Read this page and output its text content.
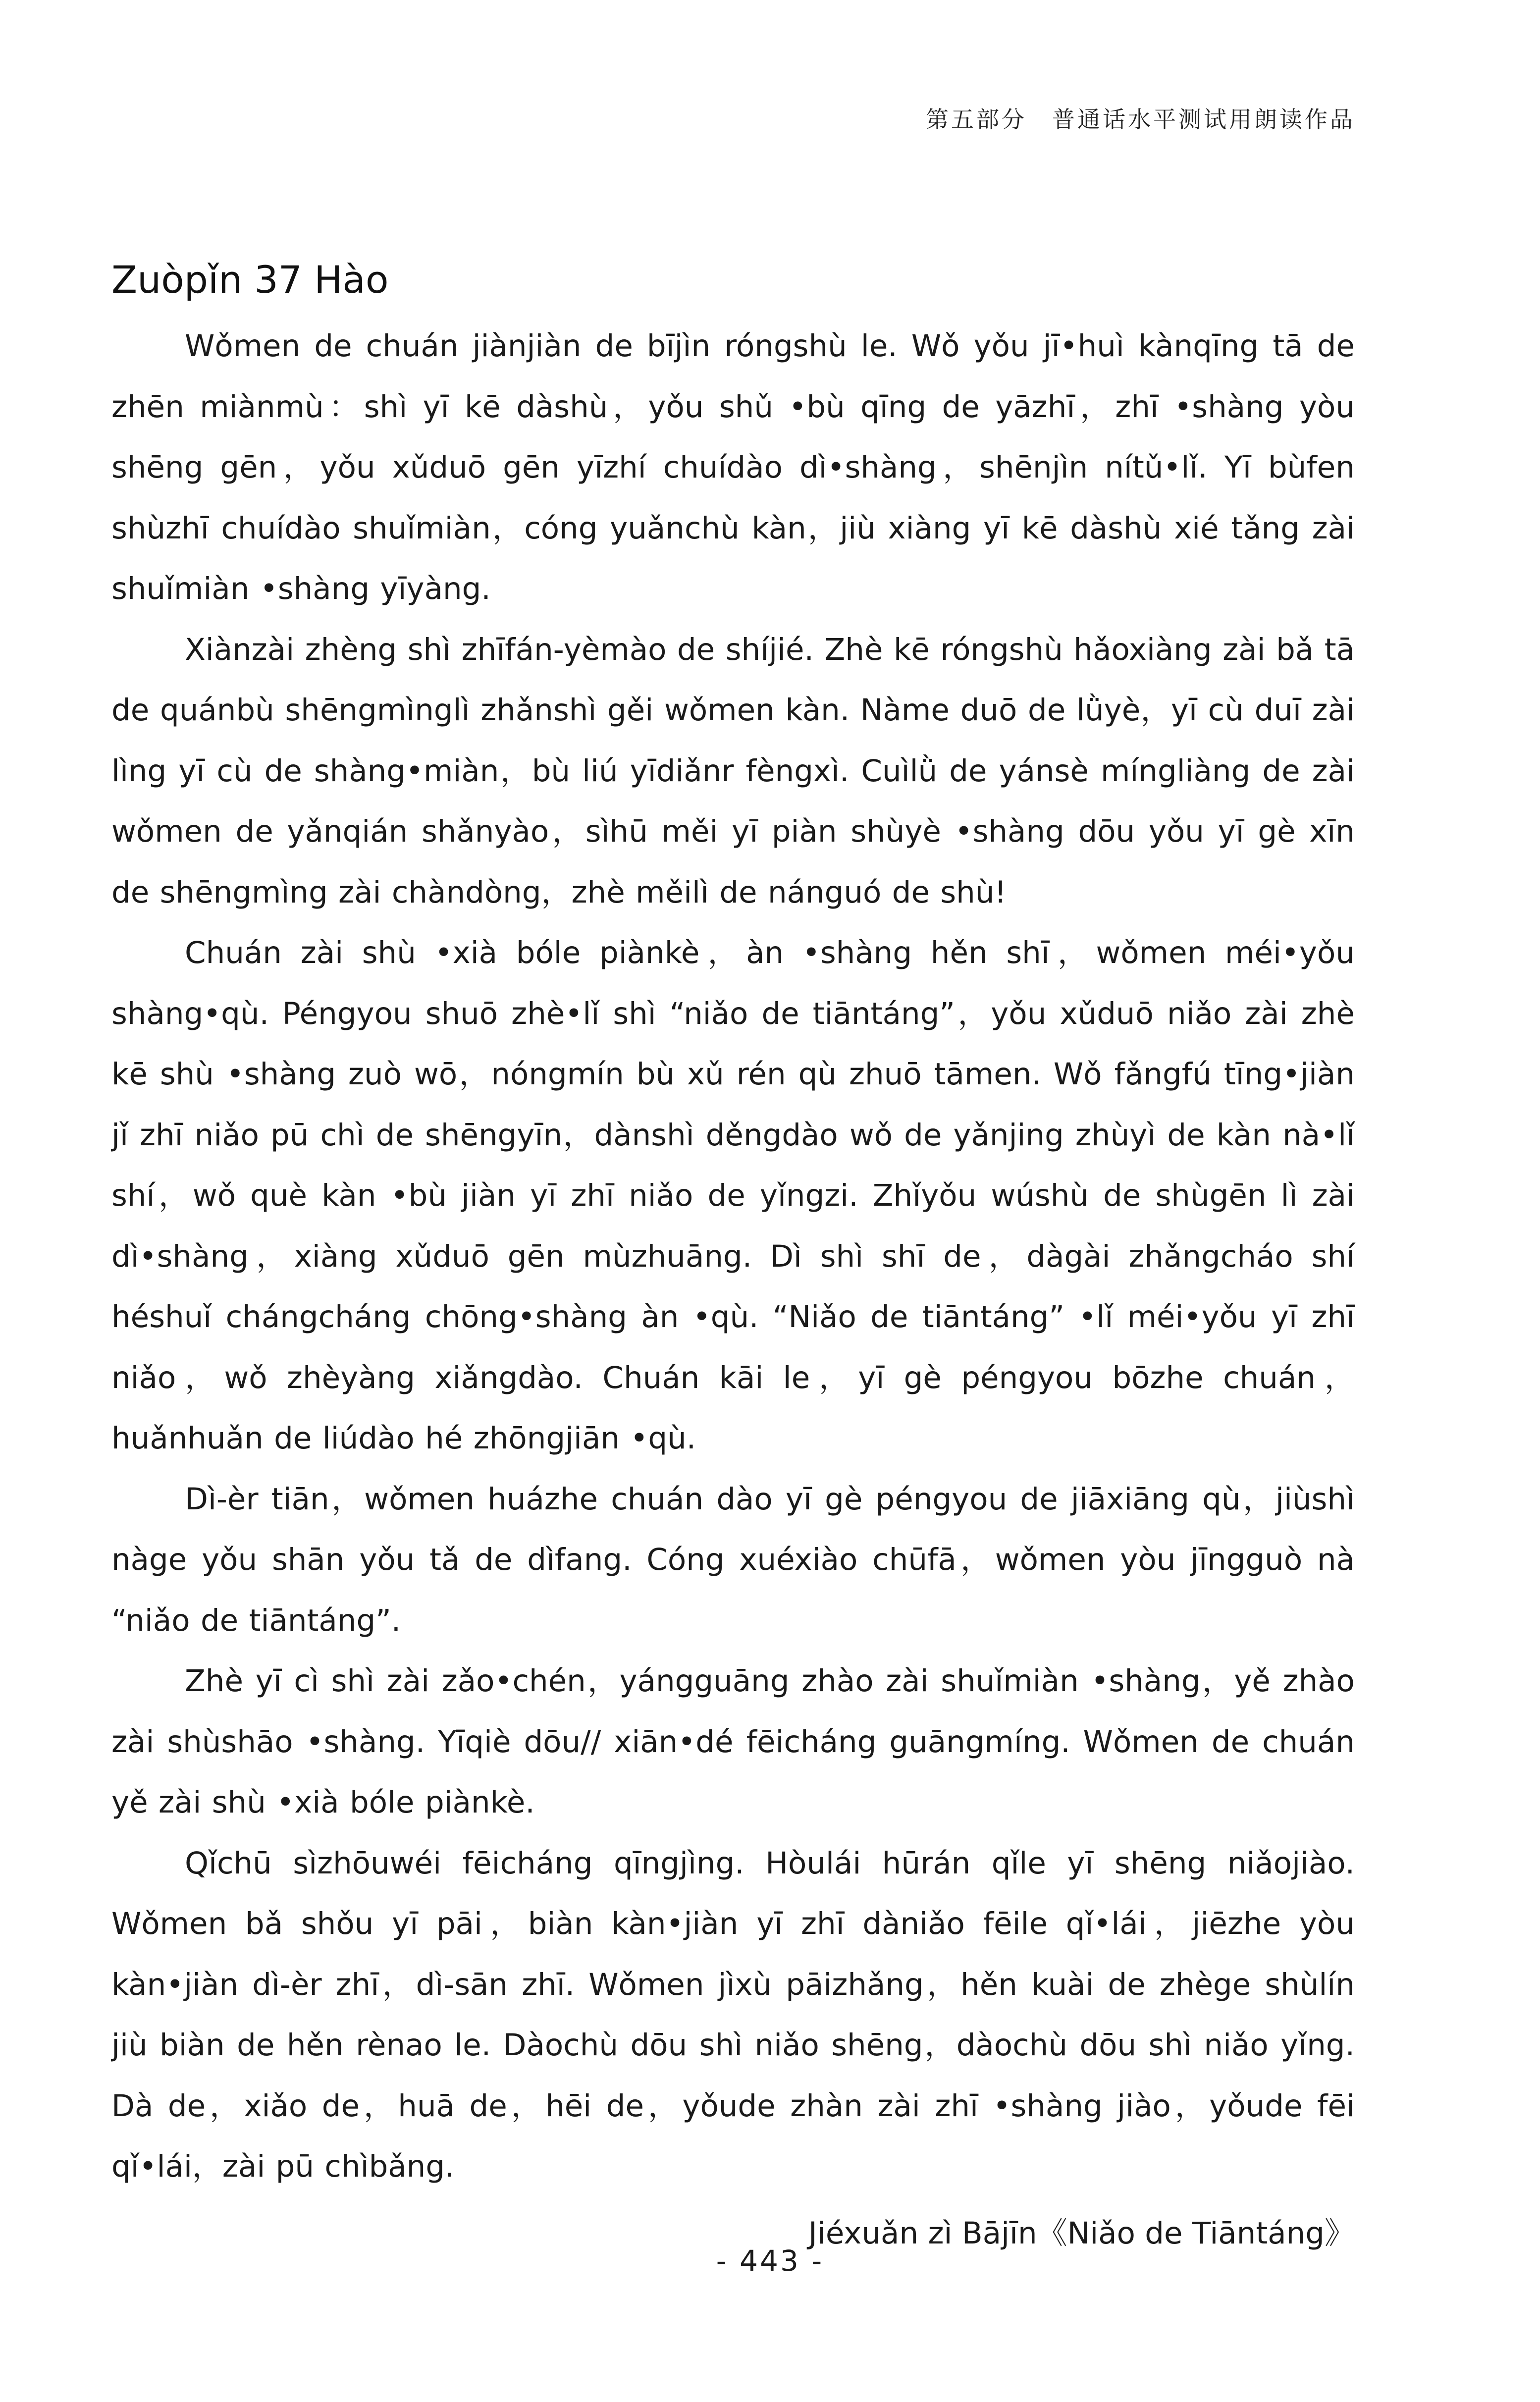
第五部分　普通话水平测试用朗读作品
Zuòpǐn 37 Hào

Wǒmen de chuán jiànjiàn de bījìn róngshù le. Wǒ yǒu jī•huì kànqīng tā de zhēn miànmù：shì yī kē dàshù，yǒu shǔ •bù qīng de yāzhī，zhī •shàng yòu shēng gēn，yǒu xǔduō gēn yīzhí chuídào dì•shàng，shēnjìn nítǔ•lǐ. Yī bùfen shùzhī chuídào shuǐmiàn，cóng yuǎnchù kàn，jiù xiàng yī kē dàshù xié tǎng zài shuǐmiàn •shàng yīyàng.

Xiànzài zhèng shì zhīfán-yèmào de shíjié. Zhè kē róngshù hǎoxiàng zài bǎ tā de quánbù shēngmìnglì zhǎnshì gěi wǒmen kàn. Nàme duō de lǜyè，yī cù duī zài lìng yī cù de shàng•miàn，bù liú yīdiǎnr fèngxì. Cuìlǜ de yánsè míngliàng de zài wǒmen de yǎnqián shǎnyào，sìhū měi yī piàn shùyè •shàng dōu yǒu yī gè xīn de shēngmìng zài chàndòng，zhè měilì de nánguó de shù!

Chuán zài shù •xià bóle piànkè，àn •shàng hěn shī，wǒmen méi•yǒu shàng•qù. Péngyou shuō zhè•lǐ shì “niǎo de tiāntáng”，yǒu xǔduō niǎo zài zhè kē shù •shàng zuò wō，nóngmín bù xǔ rén qù zhuō tāmen. Wǒ fǎngfú tīng•jiàn jǐ zhī niǎo pū chì de shēngyīn，dànshì děngdào wǒ de yǎnjing zhùyì de kàn nà•lǐ shí，wǒ què kàn •bù jiàn yī zhī niǎo de yǐngzi. Zhǐyǒu wúshù de shùgēn lì zài dì•shàng，xiàng xǔduō gēn mùzhuāng. Dì shì shī de，dàgài zhǎngcháo shí héshuǐ chángcháng chōng•shàng àn •qù. “Niǎo de tiāntáng” •lǐ méi•yǒu yī zhī niǎo，wǒ zhèyàng xiǎngdào. Chuán kāi le，yī gè péngyou bōzhe chuán，huǎnhuǎn de liúdào hé zhōngjiān •qù.

Dì-èr tiān，wǒmen huázhe chuán dào yī gè péngyou de jiāxiāng qù，jiùshì nàge yǒu shān yǒu tǎ de dìfang. Cóng xuéxiào chūfā，wǒmen yòu jīngguò nà “niǎo de tiāntáng”.

Zhè yī cì shì zài zǎo•chén，yángguāng zhào zài shuǐmiàn •shàng，yě zhào zài shùshāo •shàng. Yīqiè dōu// xiān•dé fēicháng guāngmíng. Wǒmen de chuán yě zài shù •xià bóle piànkè.

Qǐchū sìzhōuwéi fēicháng qīngjìng. Hòulái hūrán qǐle yī shēng niǎojiào. Wǒmen bǎ shǒu yī pāi，biàn kàn•jiàn yī zhī dàniǎo fēile qǐ•lái，jiēzhe yòu kàn•jiàn dì-èr zhī，dì-sān zhī. Wǒmen jìxù pāizhǎng，hěn kuài de zhège shùlín jiù biàn de hěn rènao le. Dàochù dōu shì niǎo shēng，dàochù dōu shì niǎo yǐng. Dà de，xiǎo de，huā de，hēi de，yǒude zhàn zài zhī •shàng jiào，yǒude fēi qǐ•lái，zài pū chìbǎng.

Jiéxuǎn zì Bājīn《Niǎo de Tiāntáng》

- 443 -
